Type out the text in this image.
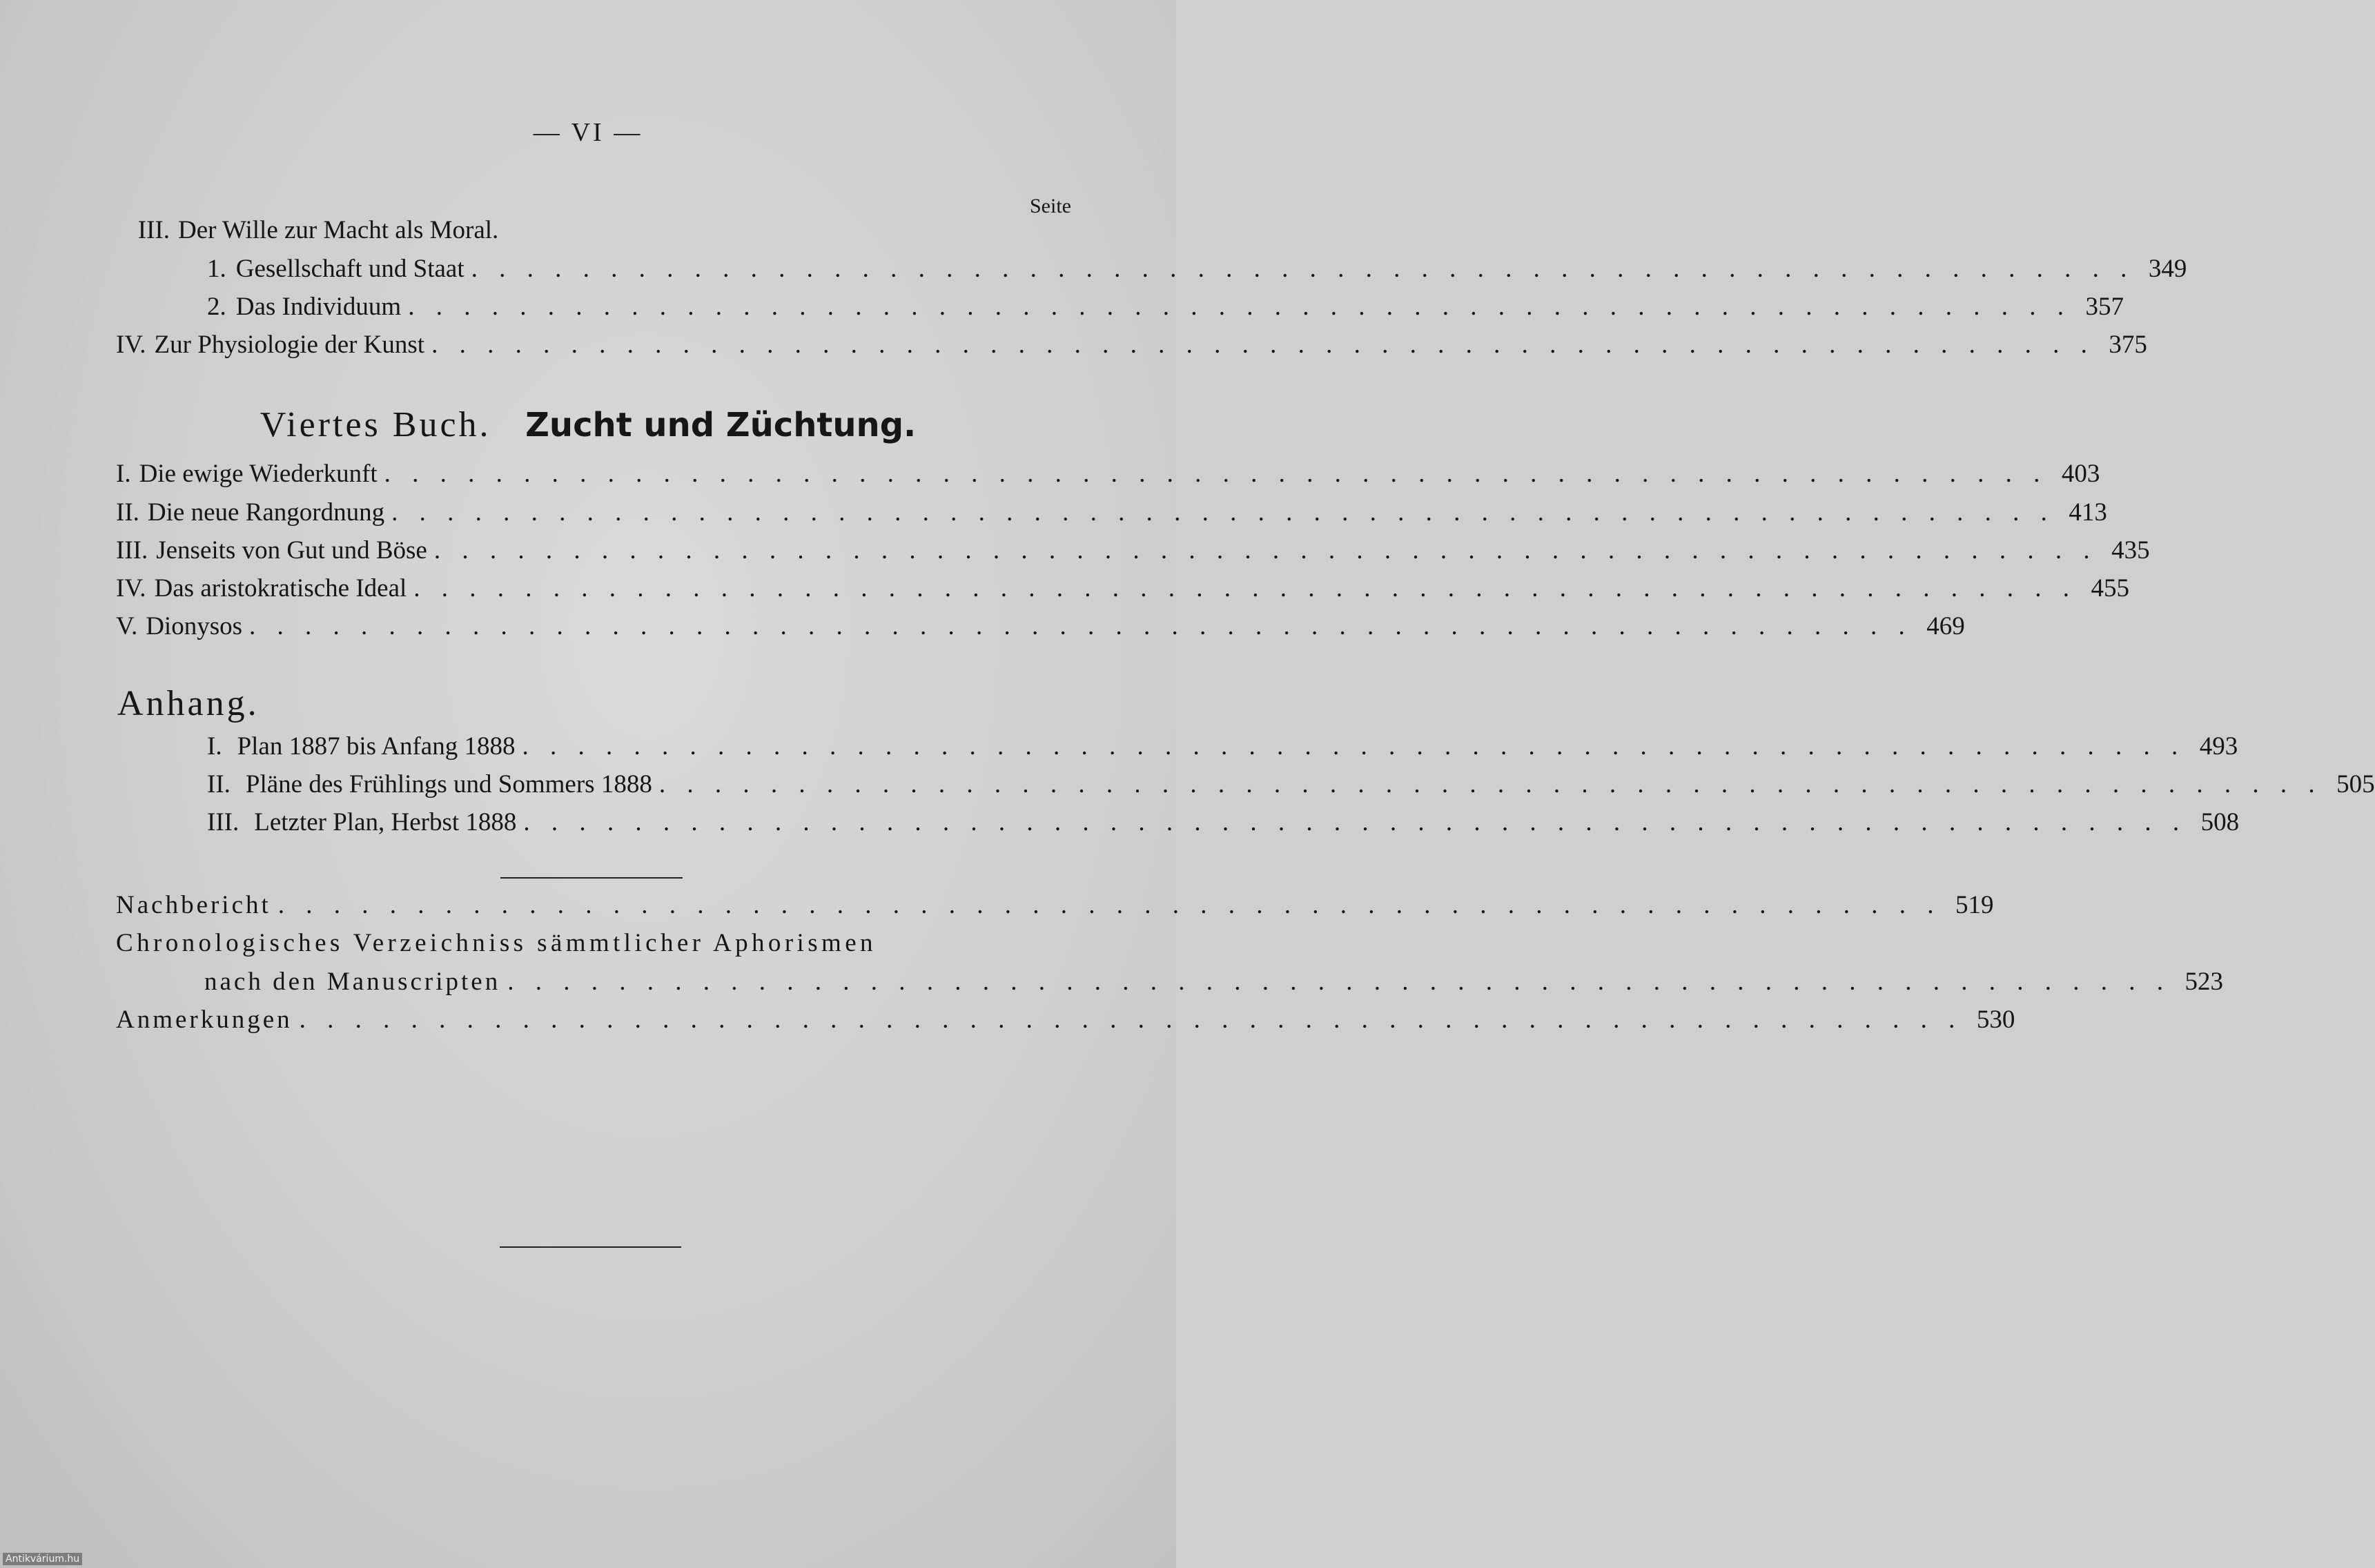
— VI —
Seite
III. Der Wille zur Macht als Moral.
1. Gesellschaft und Staat . . . . . . . . . . . . . . . . . . . . . . . . . . . . . . . . . . . . . . . . . . . . . . . . . . . . . . . . . . . . 349
2. Das Individuum . . . . . . . . . . . . . . . . . . . . . . . . . . . . . . . . . . . . . . . . . . . . . . . . . . . . . . . . . . . . 357
IV. Zur Physiologie der Kunst . . . . . . . . . . . . . . . . . . . . . . . . . . . . . . . . . . . . . . . . . . . . . . . . . . . . . . . . . . . . 375
Viertes Buch. Zucht und Züchtung.
I. Die ewige Wiederkunft . . . . . . . . . . . . . . . . . . . . . . . . . . . . . . . . . . . . . . . . . . . . . . . . . . . . . . . . . . . . 403
II. Die neue Rangordnung . . . . . . . . . . . . . . . . . . . . . . . . . . . . . . . . . . . . . . . . . . . . . . . . . . . . . . . . . . . . 413
III. Jenseits von Gut und Böse . . . . . . . . . . . . . . . . . . . . . . . . . . . . . . . . . . . . . . . . . . . . . . . . . . . . . . . . . . . . 435
IV. Das aristokratische Ideal . . . . . . . . . . . . . . . . . . . . . . . . . . . . . . . . . . . . . . . . . . . . . . . . . . . . . . . . . . . . 455
V. Dionysos . . . . . . . . . . . . . . . . . . . . . . . . . . . . . . . . . . . . . . . . . . . . . . . . . . . . . . . . . . . . 469
Anhang.
I. Plan 1887 bis Anfang 1888 . . . . . . . . . . . . . . . . . . . . . . . . . . . . . . . . . . . . . . . . . . . . . . . . . . . . . . . . . . . . 493
II. Pläne des Frühlings und Sommers 1888 . . . . . . . . . . . . . . . . . . . . . . . . . . . . . . . . . . . . . . . . . . . . . . . . . . . . . . . . . . . . 505
III. Letzter Plan, Herbst 1888 . . . . . . . . . . . . . . . . . . . . . . . . . . . . . . . . . . . . . . . . . . . . . . . . . . . . . . . . . . . . 508
Nachbericht . . . . . . . . . . . . . . . . . . . . . . . . . . . . . . . . . . . . . . . . . . . . . . . . . . . . . . . . . . . . 519
Chronologisches Verzeichniss sämmtlicher Aphorismen
nach den Manuscripten . . . . . . . . . . . . . . . . . . . . . . . . . . . . . . . . . . . . . . . . . . . . . . . . . . . . . . . . . . . . 523
Anmerkungen . . . . . . . . . . . . . . . . . . . . . . . . . . . . . . . . . . . . . . . . . . . . . . . . . . . . . . . . . . . . 530
Antikvárium.hu
